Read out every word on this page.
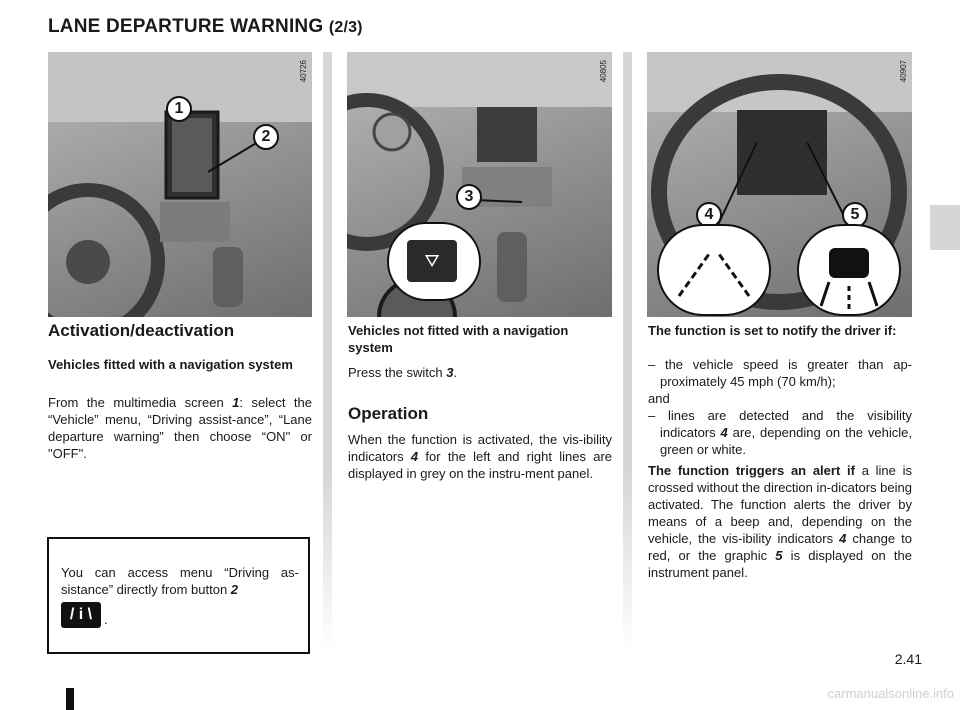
LANE DEPARTURE WARNING (2/3)
40726
1
2
40805
3
⛛
40907
4	5
Activation/deactivation
Vehicles fitted with a navigation system
From the multimedia screen 1: select the “Vehicle” menu, “Driving assist-ance”, “Lane departure warning” then choose “ON" or "OFF".
You can access menu “Driving as-sistance” directly from button 2
/ i \ .
Vehicles not fitted with a navigation system
Press the switch 3.
Operation
When the function is activated, the vis-ibility indicators 4 for the left and right lines are displayed in grey on the instru-ment panel.
The function is set to notify the driver if:
– the vehicle speed is greater than ap-proximately 45 mph (70 km/h);
and
– lines are detected and the visibility indicators 4 are, depending on the vehicle, green or white.
The function triggers an alert if a line is crossed without the direction in-dicators being activated. The function alerts the driver by means of a beep and, depending on the vehicle, the vis-ibility indicators 4 change to red, or the graphic 5 is displayed on the instrument panel.
2.41
carmanualsonline.info
